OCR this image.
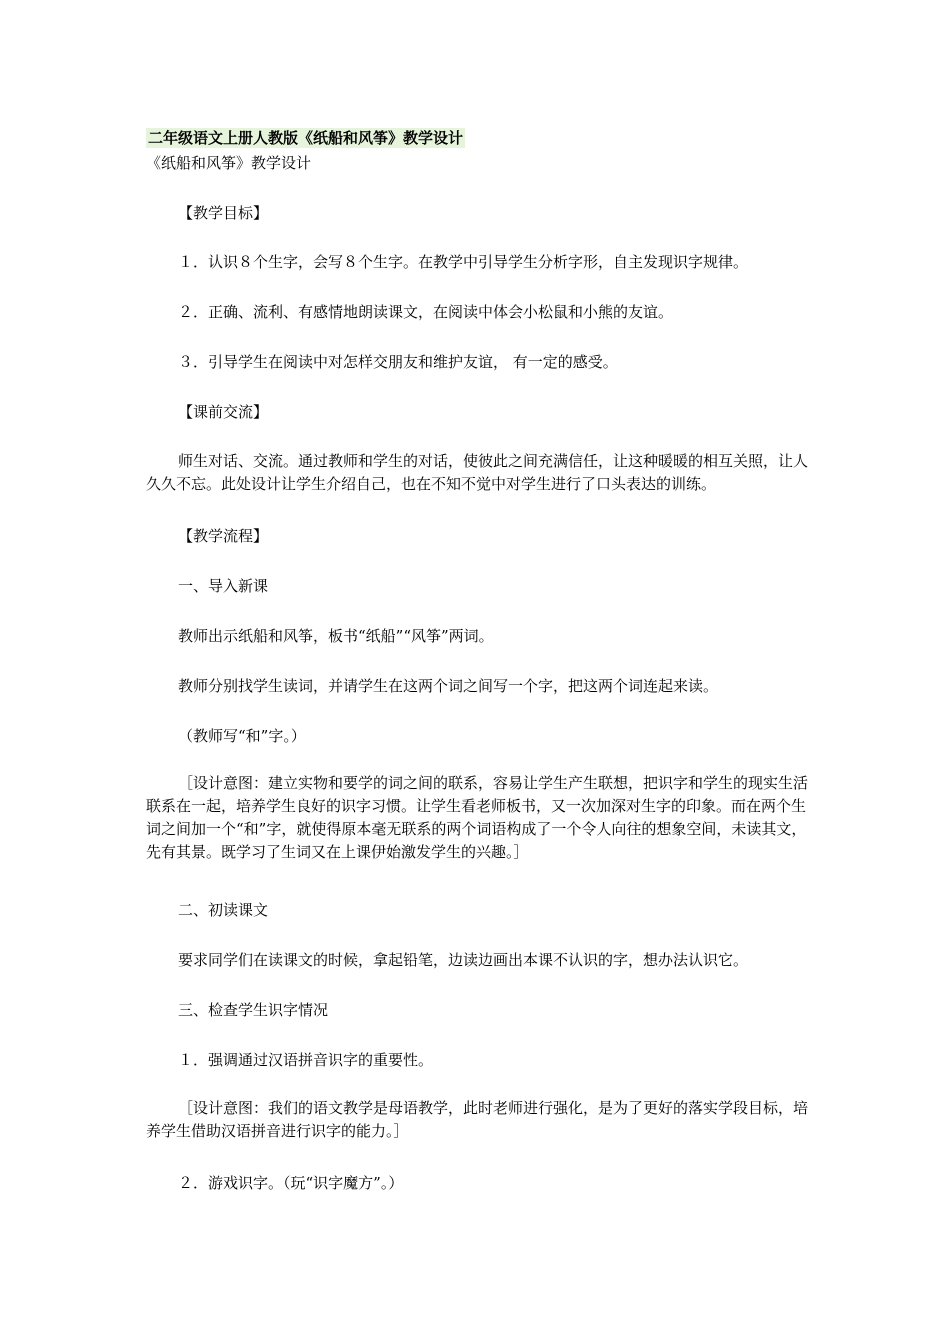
二年级语文上册人教版《纸船和风筝》教学设计
《纸船和风筝》教学设计
【教学目标】
１．认识８个生字，会写８个生字。在教学中引导学生分析字形，自主发现识字规律。
２．正确、流利、有感情地朗读课文，在阅读中体会小松鼠和小熊的友谊。
３．引导学生在阅读中对怎样交朋友和维护友谊， 有一定的感受。
【课前交流】
师生对话、交流。通过教师和学生的对话，使彼此之间充满信任，让这种暖暖的相互关照，让人久久不忘。此处设计让学生介绍自己，也在不知不觉中对学生进行了口头表达的训练。
【教学流程】
一、导入新课
教师出示纸船和风筝，板书“纸船”“风筝”两词。
教师分别找学生读词，并请学生在这两个词之间写一个字，把这两个词连起来读。
（教师写“和”字。）
［设计意图：建立实物和要学的词之间的联系，容易让学生产生联想，把识字和学生的现实生活联系在一起，培养学生良好的识字习惯。让学生看老师板书，又一次加深对生字的印象。而在两个生词之间加一个“和”字，就使得原本毫无联系的两个词语构成了一个令人向往的想象空间，未读其文，先有其景。既学习了生词又在上课伊始激发学生的兴趣。］
二、初读课文
要求同学们在读课文的时候，拿起铅笔，边读边画出本课不认识的字，想办法认识它。
三、检查学生识字情况
１．强调通过汉语拼音识字的重要性。
［设计意图：我们的语文教学是母语教学，此时老师进行强化，是为了更好的落实学段目标，培养学生借助汉语拼音进行识字的能力。］
２．游戏识字。（玩“识字魔方”。）
